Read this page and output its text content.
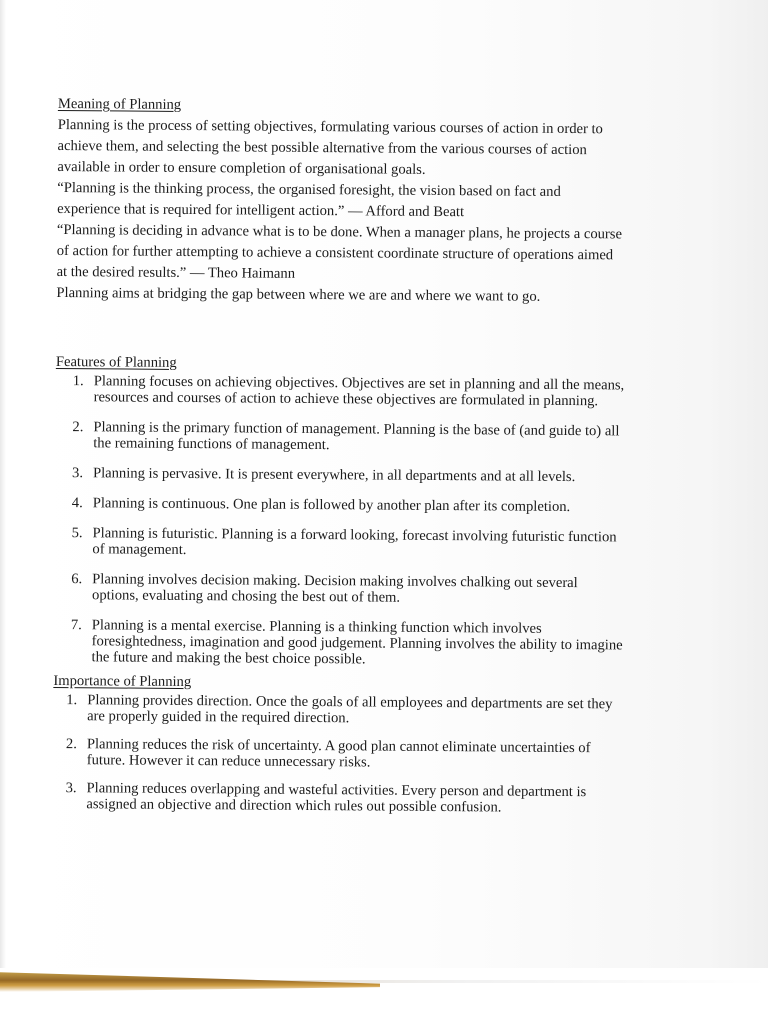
Meaning of Planning

Planning is the process of setting objectives, formulating various courses of action in order to
achieve them, and selecting the best possible alternative from the various courses of action
available in order to ensure completion of organisational goals.
“Planning is the thinking process, the organised foresight, the vision based on fact and
experience that is required for intelligent action.” — Afford and Beatt
“Planning is deciding in advance what is to be done. When a manager plans, he projects a course
of action for further attempting to achieve a consistent coordinate structure of operations aimed
at the desired results.” — Theo Haimann
Planning aims at bridging the gap between where we are and where we want to go.

Features of Planning
1. Planning focuses on achieving objectives. Objectives are set in planning and all the means,
resources and courses of action to achieve these objectives are formulated in planning.
2. Planning is the primary function of management. Planning is the base of (and guide to) all
the remaining functions of management.
3. Planning is pervasive. It is present everywhere, in all departments and at all levels.
4. Planning is continuous. One plan is followed by another plan after its completion.
5. Planning is futuristic. Planning is a forward looking, forecast involving futuristic function
of management.
6. Planning involves decision making. Decision making involves chalking out several
options, evaluating and chosing the best out of them.
7. Planning is a mental exercise. Planning is a thinking function which involves
foresightedness, imagination and good judgement. Planning involves the ability to imagine
the future and making the best choice possible.
Importance of Planning
1. Planning provides direction. Once the goals of all employees and departments are set they
are properly guided in the required direction.
2. Planning reduces the risk of uncertainty. A good plan cannot eliminate uncertainties of
future. However it can reduce unnecessary risks.
3. Planning reduces overlapping and wasteful activities. Every person and department is
assigned an objective and direction which rules out possible confusion.
